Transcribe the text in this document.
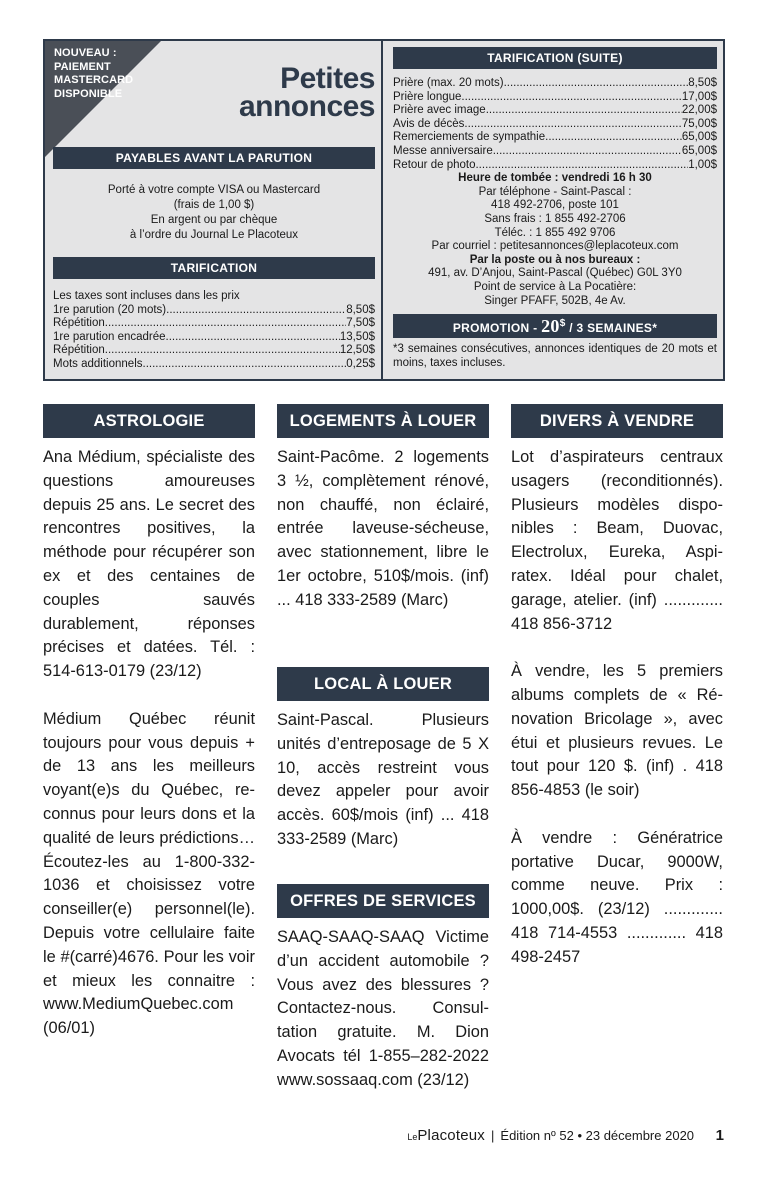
NOUVEAU :
PAIEMENT
MASTERCARD
DISPONIBLE	Petites
annonces
PAYABLES AVANT LA PARUTION
Porté à votre compte VISA ou Mastercard
(frais de 1,00 $)
En argent ou par chèque
à l’ordre du Journal Le Placoteux
TARIFICATION
Les taxes sont incluses dans les prix
1re parution (20 mots) .....	8,50$
Répétition .....	7,50$
1re parution encadrée .....	13,50$
Répétition .....	12,50$
Mots additionnels .....	0,25$
TARIFICATION (SUITE)
Prière (max. 20 mots) .....	8,50$
Prière longue .....	17,00$
Prière avec image .....	22,00$
Avis de décès .....	75,00$
Remerciements de sympathie .....	65,00$
Messe anniversaire .....	65,00$
Retour de photo .....	1,00$
Heure de tombée : vendredi 16 h 30
Par téléphone - Saint-Pascal :
418 492-2706, poste 101
Sans frais : 1 855 492-2706
Téléc. : 1 855 492 9706
Par courriel : petitesannonces@leplacoteux.com
Par la poste ou à nos bureaux :
491, av. D’Anjou, Saint-Pascal (Québec) G0L 3Y0
Point de service à La Pocatière:
Singer PFAFF, 502B, 4e Av.
PROMOTION - 20$ / 3 SEMAINES*
*3 semaines consécutives, annonces identiques de 20 mots et moins, taxes incluses.
ASTROLOGIE

Ana Médium, spécialiste des questions amoureuses depuis 25 ans. Le secret des rencontres positives, la méthode pour récupérer son ex et des centaines de couples sauvés durablement, réponses précises et datées. Tél. : 514-613-0179 (23/12)

Médium Québec réunit toujours pour vous depuis + de 13 ans les meilleurs voyant(e)s du Québec, reconnus pour leurs dons et la qualité de leurs prédictions…Écoutez-les au 1-800-332-1036 et choisissez votre conseiller(e) personnel(le). Depuis votre cellulaire faite le #(carré)4676. Pour les voir et mieux les connaitre : www.MediumQuebec.com (06/01)

LOGEMENTS À LOUER

Saint-Pacôme. 2 logements 3 ½, complètement rénové, non chauffé, non éclairé, entrée laveuse-sécheuse, avec stationnement, libre le 1er octobre, 510$/mois. (inf) ... 418 333-2589 (Marc)

LOCAL À LOUER

Saint-Pascal. Plusieurs unités d’entreposage de 5 X 10, accès restreint vous devez appeler pour avoir accès. 60$/mois (inf) ... 418 333-2589 (Marc)

OFFRES DE SERVICES

SAAQ-SAAQ-SAAQ Victime d’un accident automobile ? Vous avez des blessures ? Contactez-nous. Consultation gratuite. M. Dion Avocats tél 1-855–282-2022 www.sossaaq.com (23/12)

DIVERS À VENDRE

Lot d’aspirateurs centraux usagers (reconditionnés). Plusieurs modèles disponibles : Beam, Duovac, Electrolux, Eureka, Aspiratex. Idéal pour chalet, garage, atelier. (inf) ............. 418 856-3712

À vendre, les 5 premiers albums complets de « Rénovation Bricolage », avec étui et plusieurs revues. Le tout pour 120 $. (inf) . 418 856-4853 (le soir)

À vendre : Génératrice portative Ducar, 9000W, comme neuve. Prix : 1000,00$. (23/12) ............. 418 714-4553 ............. 418 498-2457

LePlacoteux | Édition nº 52 • 23 décembre 2020 1
